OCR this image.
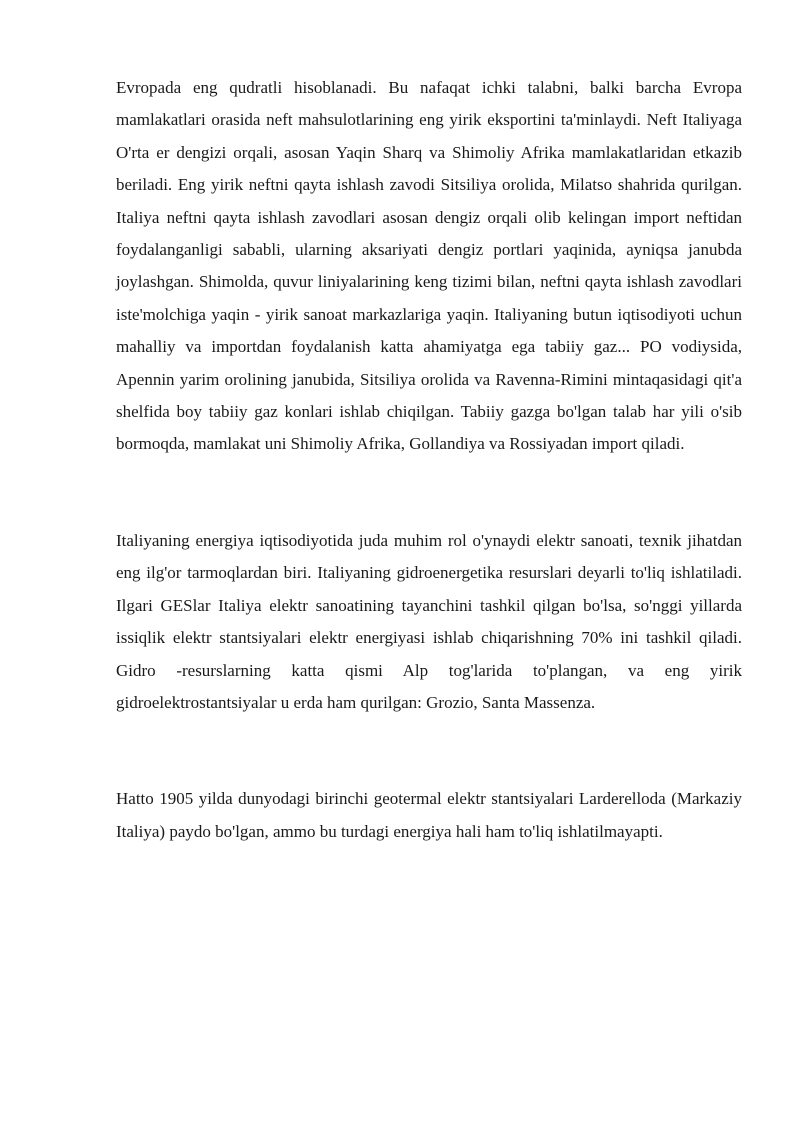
Evropada eng qudratli hisoblanadi. Bu nafaqat ichki talabni, balki barcha Evropa mamlakatlari orasida neft mahsulotlarining eng yirik eksportini ta'minlaydi. Neft Italiyaga O'rta er dengizi orqali, asosan Yaqin Sharq va Shimoliy Afrika mamlakatlaridan etkazib beriladi. Eng yirik neftni qayta ishlash zavodi Sitsiliya orolida, Milatso shahrida qurilgan. Italiya neftni qayta ishlash zavodlari asosan dengiz orqali olib kelingan import neftidan foydalanganligi sababli, ularning aksariyati dengiz portlari yaqinida, ayniqsa janubda joylashgan. Shimolda, quvur liniyalarining keng tizimi bilan, neftni qayta ishlash zavodlari iste'molchiga yaqin - yirik sanoat markazlariga yaqin. Italiyaning butun iqtisodiyoti uchun mahalliy va importdan foydalanish katta ahamiyatga ega tabiiy gaz... PO vodiysida, Apennin yarim orolining janubida, Sitsiliya orolida va Ravenna-Rimini mintaqasidagi qit'a shelfida boy tabiiy gaz konlari ishlab chiqilgan. Tabiiy gazga bo'lgan talab har yili o'sib bormoqda, mamlakat uni Shimoliy Afrika, Gollandiya va Rossiyadan import qiladi.

Italiyaning energiya iqtisodiyotida juda muhim rol o'ynaydi elektr sanoati, texnik jihatdan eng ilg'or tarmoqlardan biri. Italiyaning gidroenergetika resurslari deyarli to'liq ishlatiladi. Ilgari GESlar Italiya elektr sanoatining tayanchini tashkil qilgan bo'lsa, so'nggi yillarda issiqlik elektr stantsiyalari elektr energiyasi ishlab chiqarishning 70% ini tashkil qiladi. Gidro -resurslarning katta qismi Alp tog'larida to'plangan, va eng yirik gidroelektrostantsiyalar u erda ham qurilgan: Grozio, Santa Massenza.

Hatto 1905 yilda dunyodagi birinchi geotermal elektr stantsiyalari Larderelloda (Markaziy Italiya) paydo bo'lgan, ammo bu turdagi energiya hali ham to'liq ishlatilmayapti.
